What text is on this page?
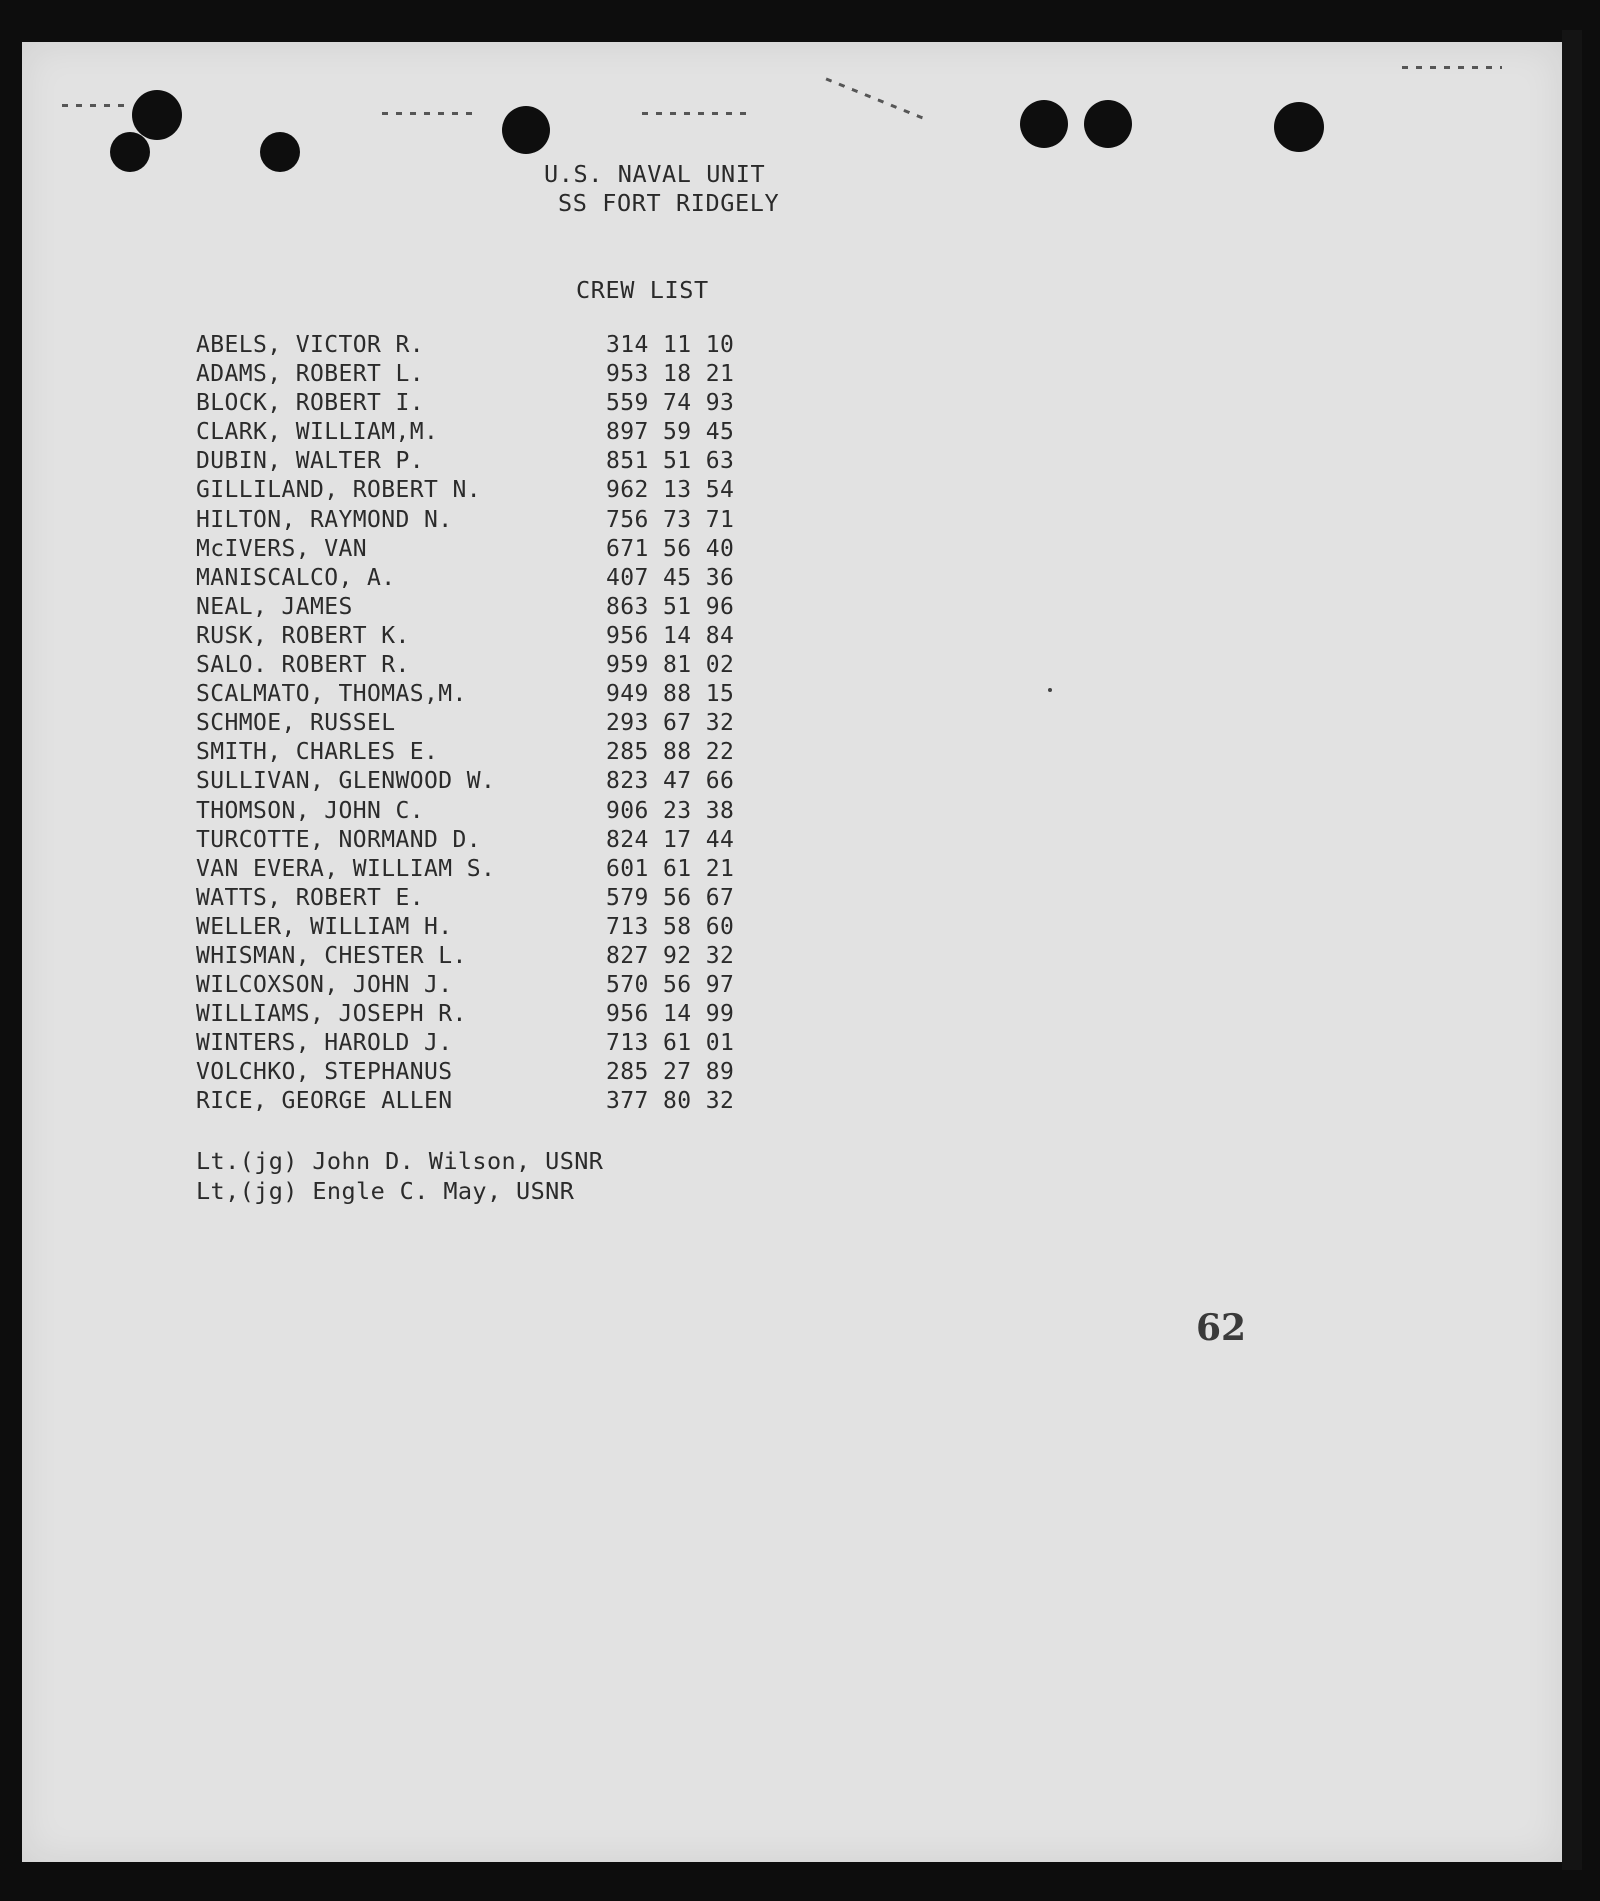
U.S. NAVAL UNIT
SS FORT RIDGELY
CREW LIST
ABELS, VICTOR R.	314 11 10
ADAMS, ROBERT L.	953 18 21
BLOCK, ROBERT I.	559 74 93
CLARK, WILLIAM,M.	897 59 45
DUBIN, WALTER P.	851 51 63
GILLILAND, ROBERT N.	962 13 54
HILTON, RAYMOND N.	756 73 71
McIVERS, VAN	671 56 40
MANISCALCO, A.	407 45 36
NEAL, JAMES	863 51 96
RUSK, ROBERT K.	956 14 84
SALO. ROBERT R.	959 81 02
SCALMATO, THOMAS,M.	949 88 15
SCHMOE, RUSSEL	293 67 32
SMITH, CHARLES E.	285 88 22
SULLIVAN, GLENWOOD W.	823 47 66
THOMSON, JOHN C.	906 23 38
TURCOTTE, NORMAND D.	824 17 44
VAN EVERA, WILLIAM S.	601 61 21
WATTS, ROBERT E.	579 56 67
WELLER, WILLIAM H.	713 58 60
WHISMAN, CHESTER L.	827 92 32
WILCOXSON, JOHN J.	570 56 97
WILLIAMS, JOSEPH R.	956 14 99
WINTERS, HAROLD J.	713 61 01
VOLCHKO, STEPHANUS	285 27 89
RICE, GEORGE ALLEN	377 80 32
Lt.(jg) John D. Wilson, USNR
Lt,(jg) Engle C. May, USNR
62
